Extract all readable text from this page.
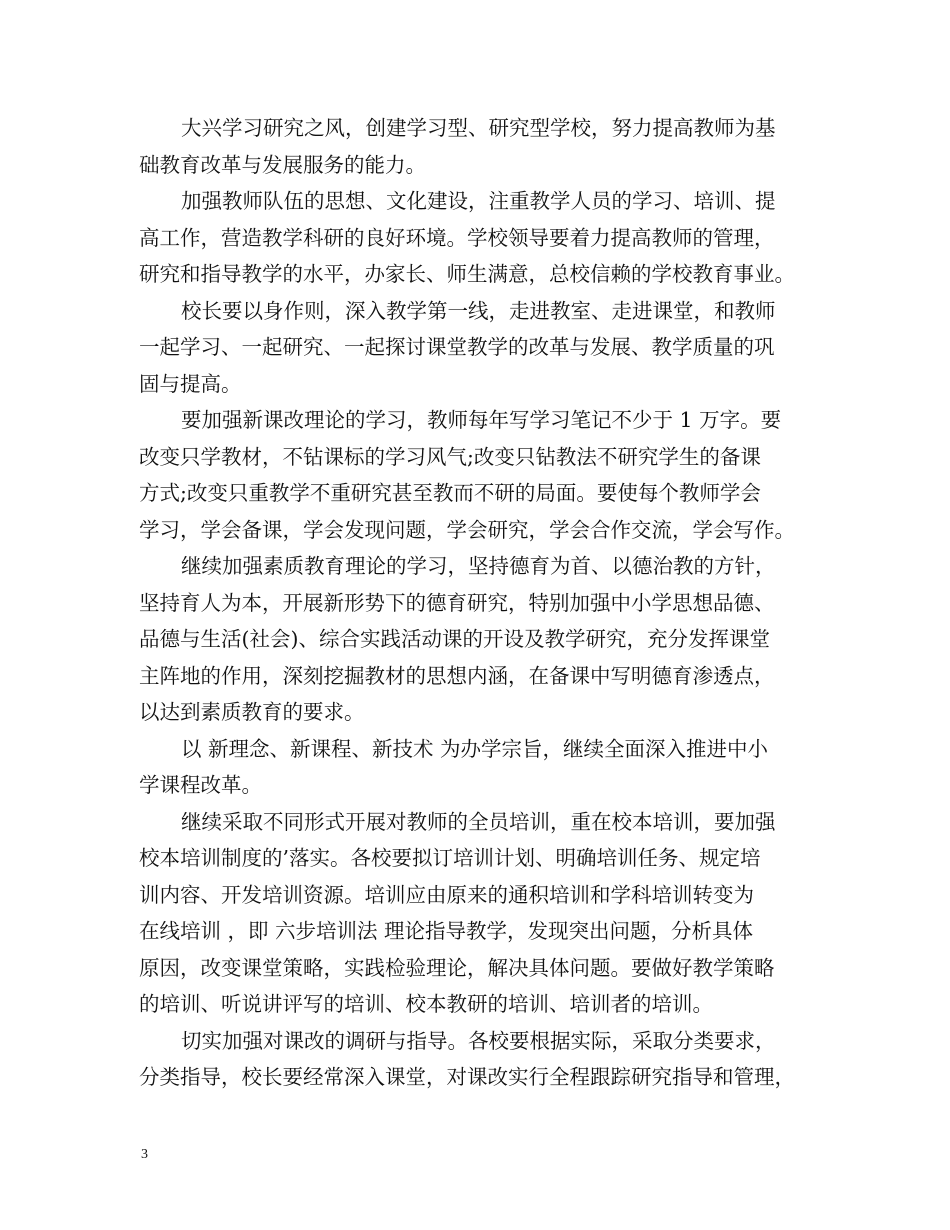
大兴学习研究之风，创建学习型、研究型学校，努力提高教师为基
础教育改革与发展服务的能力。
加强教师队伍的思想、文化建设，注重教学人员的学习、培训、提
高工作，营造教学科研的良好环境。学校领导要着力提高教师的管理，
研究和指导教学的水平，办家长、师生满意，总校信赖的学校教育事业。
校长要以身作则，深入教学第一线，走进教室、走进课堂，和教师
一起学习、一起研究、一起探讨课堂教学的改革与发展、教学质量的巩
固与提高。
要加强新课改理论的学习，教师每年写学习笔记不少于 1 万字。要
改变只学教材，不钻课标的学习风气;改变只钻教法不研究学生的备课
方式;改变只重教学不重研究甚至教而不研的局面。要使每个教师学会
学习，学会备课，学会发现问题，学会研究，学会合作交流，学会写作。
继续加强素质教育理论的学习，坚持德育为首、以德治教的方针，
坚持育人为本，开展新形势下的德育研究，特别加强中小学思想品德、
品德与生活(社会)、综合实践活动课的开设及教学研究，充分发挥课堂
主阵地的作用，深刻挖掘教材的思想内涵，在备课中写明德育渗透点，
以达到素质教育的要求。
以 新理念、新课程、新技术 为办学宗旨，继续全面深入推进中小
学课程改革。
继续采取不同形式开展对教师的全员培训，重在校本培训，要加强
校本培训制度的’落实。各校要拟订培训计划、明确培训任务、规定培
训内容、开发培训资源。培训应由原来的通积培训和学科培训转变为
在线培训 ，即 六步培训法 理论指导教学，发现突出问题，分析具体
原因，改变课堂策略，实践检验理论，解决具体问题。要做好教学策略
的培训、听说讲评写的培训、校本教研的培训、培训者的培训。
切实加强对课改的调研与指导。各校要根据实际，采取分类要求，
分类指导，校长要经常深入课堂，对课改实行全程跟踪研究指导和管理，
3
